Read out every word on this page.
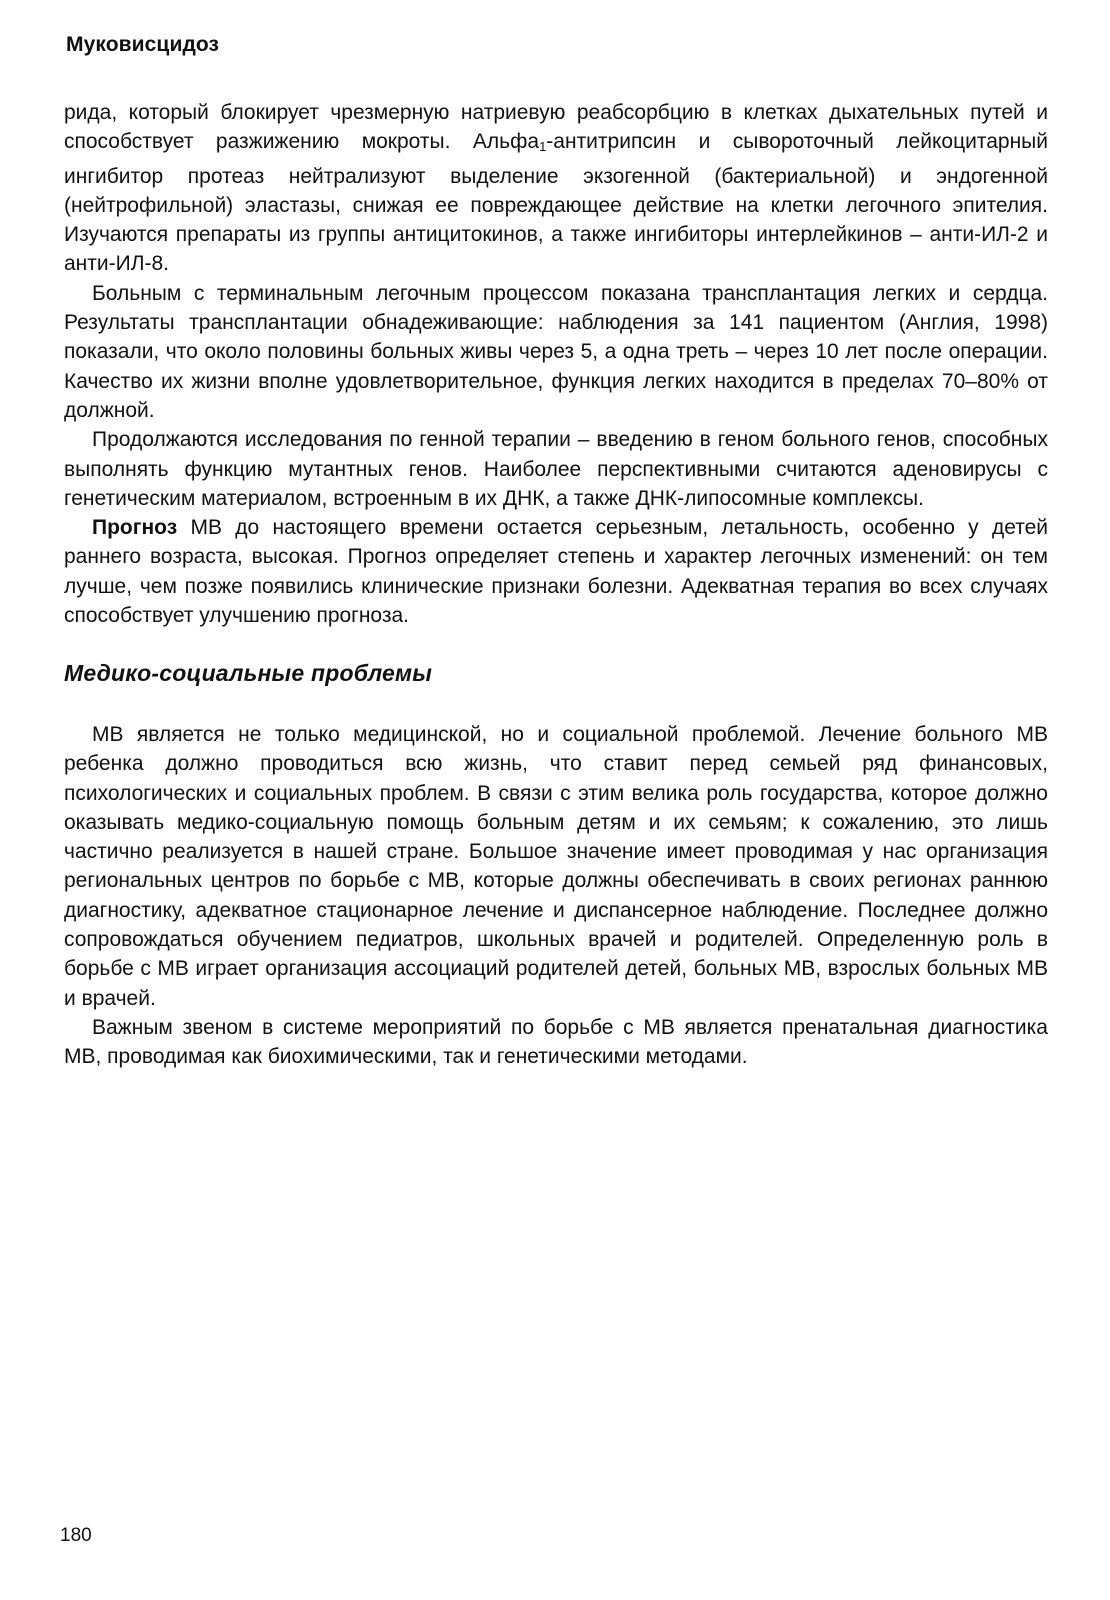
Муковисцидоз

рида, который блокирует чрезмерную натриевую реабсорбцию в клетках дыхательных путей и способствует разжижению мокроты. Альфа$_1$-антитрипсин и сывороточный лейкоцитарный ингибитор протеаз нейтрализуют выделение экзогенной (бактериальной) и эндогенной (нейтрофильной) эластазы, снижая ее повреждающее действие на клетки легочного эпителия. Изучаются препараты из группы антицитокинов, а также ингибиторы интерлейкинов – анти-ИЛ-2 и анти-ИЛ-8.

Больным с терминальным легочным процессом показана трансплантация легких и сердца. Результаты трансплантации обнадеживающие: наблюдения за 141 пациентом (Англия, 1998) показали, что около половины больных живы через 5, а одна треть – через 10 лет после операции. Качество их жизни вполне удовлетворительное, функция легких находится в пределах 70–80% от должной.

Продолжаются исследования по генной терапии – введению в геном больного генов, способных выполнять функцию мутантных генов. Наиболее перспективными считаются аденовирусы с генетическим материалом, встроенным в их ДНК, а также ДНК-липосомные комплексы.

Прогноз МВ до настоящего времени остается серьезным, летальность, особенно у детей раннего возраста, высокая. Прогноз определяет степень и характер легочных изменений: он тем лучше, чем позже появились клинические признаки болезни. Адекватная терапия во всех случаях способствует улучшению прогноза.

Медико-социальные проблемы

МВ является не только медицинской, но и социальной проблемой. Лечение больного МВ ребенка должно проводиться всю жизнь, что ставит перед семьей ряд финансовых, психологических и социальных проблем. В связи с этим велика роль государства, которое должно оказывать медико-социальную помощь больным детям и их семьям; к сожалению, это лишь частично реализуется в нашей стране. Большое значение имеет проводимая у нас организация региональных центров по борьбе с МВ, которые должны обеспечивать в своих регионах раннюю диагностику, адекватное стационарное лечение и диспансерное наблюдение. Последнее должно сопровождаться обучением педиатров, школьных врачей и родителей. Определенную роль в борьбе с МВ играет организация ассоциаций родителей детей, больных МВ, взрослых больных МВ и врачей.

Важным звеном в системе мероприятий по борьбе с МВ является пренатальная диагностика МВ, проводимая как биохимическими, так и генетическими методами.

180
